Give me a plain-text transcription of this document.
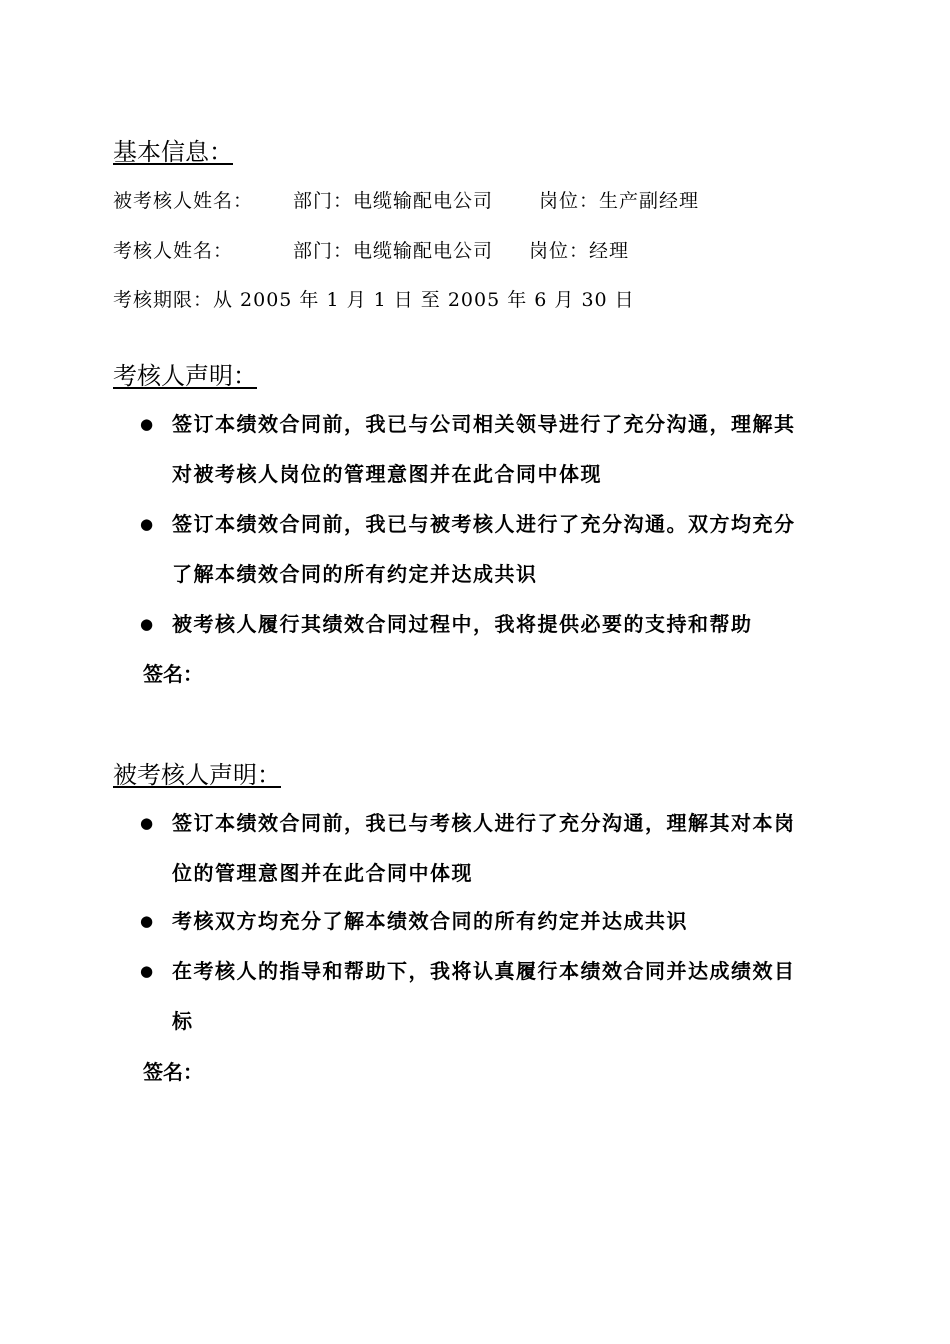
基本信息：
被考核人姓名： 部门：电缆输配电公司 岗位：生产副经理
考核人姓名：	部门：电缆输配电公司 岗位：经理
考核期限：从 2005 年 1 月 1 日 至 2005 年 6 月 30 日
考核人声明：
● 签订本绩效合同前，我已与公司相关领导进行了充分沟通，理解其
对被考核人岗位的管理意图并在此合同中体现
● 签订本绩效合同前，我已与被考核人进行了充分沟通。双方均充分
了解本绩效合同的所有约定并达成共识
● 被考核人履行其绩效合同过程中，我将提供必要的支持和帮助
签名：
被考核人声明：
● 签订本绩效合同前，我已与考核人进行了充分沟通，理解其对本岗
位的管理意图并在此合同中体现
● 考核双方均充分了解本绩效合同的所有约定并达成共识
● 在考核人的指导和帮助下，我将认真履行本绩效合同并达成绩效目
标
签名：
